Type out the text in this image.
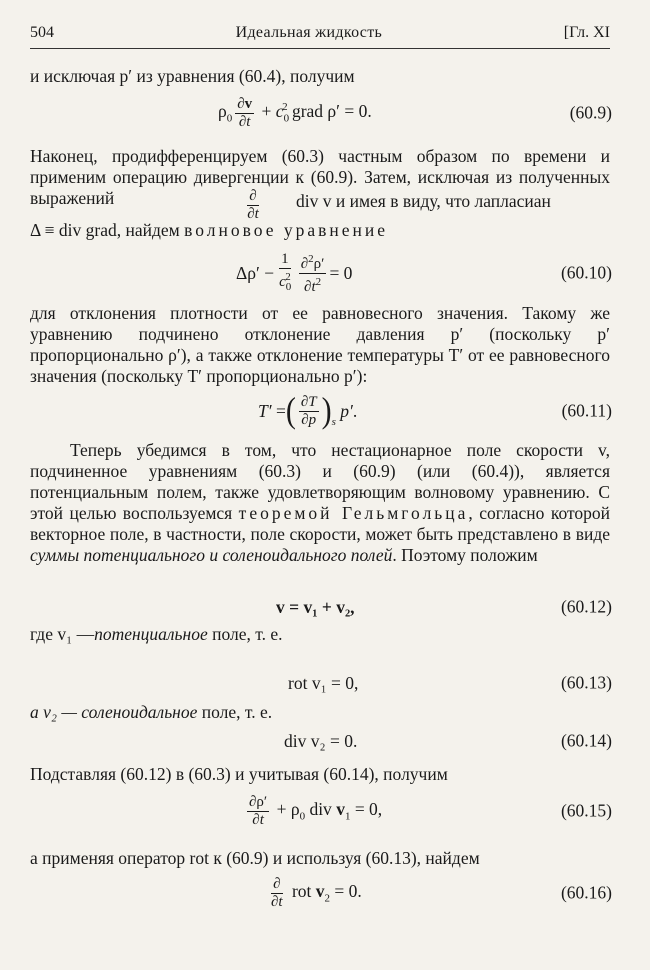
504	Идеальная жидкость	[Гл. XI
и исключая p′ из уравнения (60.4), получим
$\rho_0 \frac{\partial v}{\partial t} + c_0^2$ grad ρ′ = 0.	(60.9)
Наконец, продифференцируем (60.3) частным образом по времени и применим операцию дивергенции к (60.9). Затем, исключая из полученных выражений	$\frac{\partial}{\partial t}$ div v и имея в виду, что лапласиан
Δ ≡ div grad, найдем волновое уравнение
$\Delta\rho' - \frac{1}{c_0^2} \frac{\partial^2\rho'}{\partial t^2} = 0$	(60.10)
для отклонения плотности от ее равновесного значения. Такому же уравнению подчинено отклонение давления p′ (поскольку p′ пропорционально ρ′), а также отклонение температуры T′ от ее равновесного значения (поскольку T′ пропорционально p′):
T′ = ( $\frac{\partial T}{\partial p}$ ) $_s$
p′.	(60.11)
Теперь убедимся в том, что нестационарное поле скорости v, подчиненное уравнениям (60.3) и (60.9) (или (60.4)), является потенциальным полем, также удовлетворяющим волновому уравнению. С этой целью воспользуемся теоремой Гельмгольца, согласно которой векторное поле, в частности, поле скорости, может быть представлено в виде суммы потенциального и соленоидального полей. Поэтому положим
v = v₁ + v₂,	(60.12)
где v₁ —потенциальное поле, т. е.
rot v₁ = 0,	(60.13)
а v₂ — соленоидальное поле, т. е.
div v₂ = 0.	(60.14)
Подставляя (60.12) в (60.3) и учитывая (60.14), получим
$\frac{\partial\rho'}{\partial t} + \rho_0$ div $v_1 = 0$,	(60.15)
а применяя оператор rot к (60.9) и используя (60.13), найдем
$\frac{\partial}{\partial t}$ rot $v_2 = 0$.	(60.16)
